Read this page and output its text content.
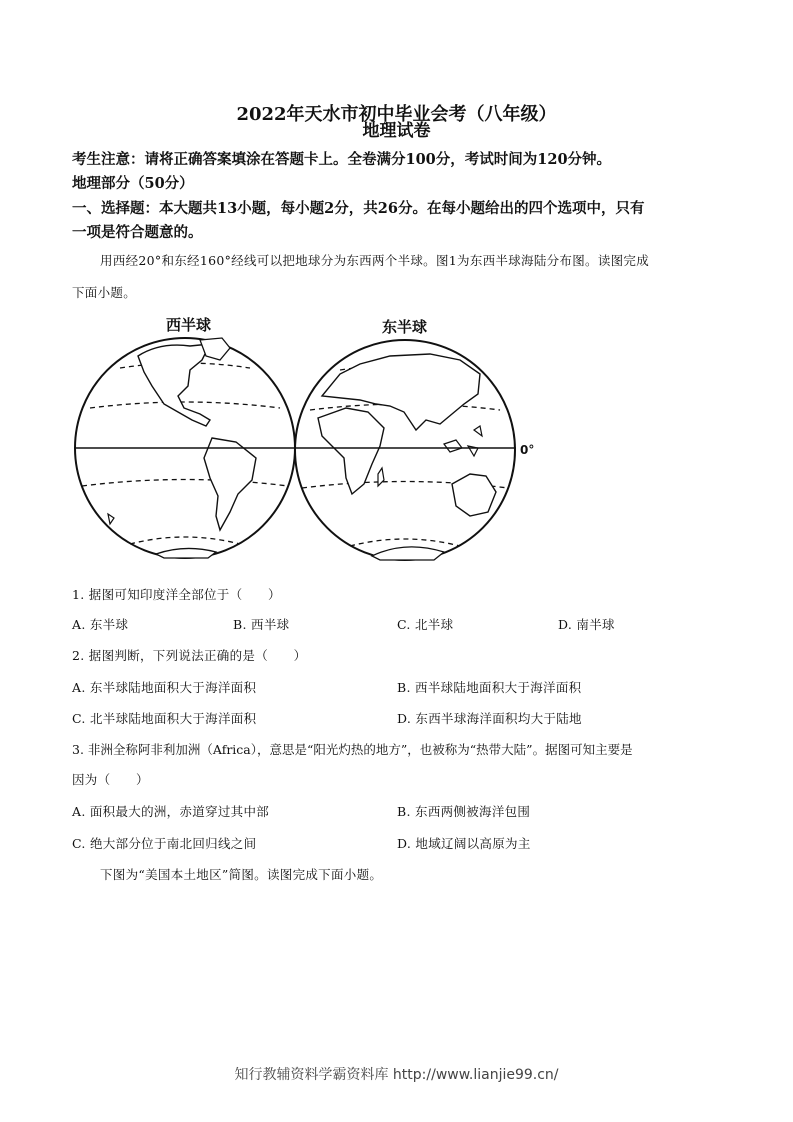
2022年天水市初中毕业会考（八年级）
地理试卷
考生注意：请将正确答案填涂在答题卡上。全卷满分100分，考试时间为120分钟。
地理部分（50分）
一、选择题：本大题共13小题，每小题2分，共26分。在每小题给出的四个选项中，只有
一项是符合题意的。
用西经20°和东经160°经线可以把地球分为东西两个半球。图1为东西半球海陆分布图。读图完成
下面小题。
西半球	东半球
0°
1. 据图可知印度洋全部位于（　　）
A. 东半球	B. 西半球	C. 北半球	D. 南半球
2. 据图判断，下列说法正确的是（　　）
A. 东半球陆地面积大于海洋面积	B. 西半球陆地面积大于海洋面积
C. 北半球陆地面积大于海洋面积	D. 东西半球海洋面积均大于陆地
3. 非洲全称阿非利加洲（Africa），意思是“阳光灼热的地方”，也被称为“热带大陆”。据图可知主要是
因为（　　）
A. 面积最大的洲，赤道穿过其中部	B. 东西两侧被海洋包围
C. 绝大部分位于南北回归线之间	D. 地域辽阔以高原为主
下图为“美国本土地区”简图。读图完成下面小题。
知行教辅资料学霸资料库 http://www.lianjie99.cn/
